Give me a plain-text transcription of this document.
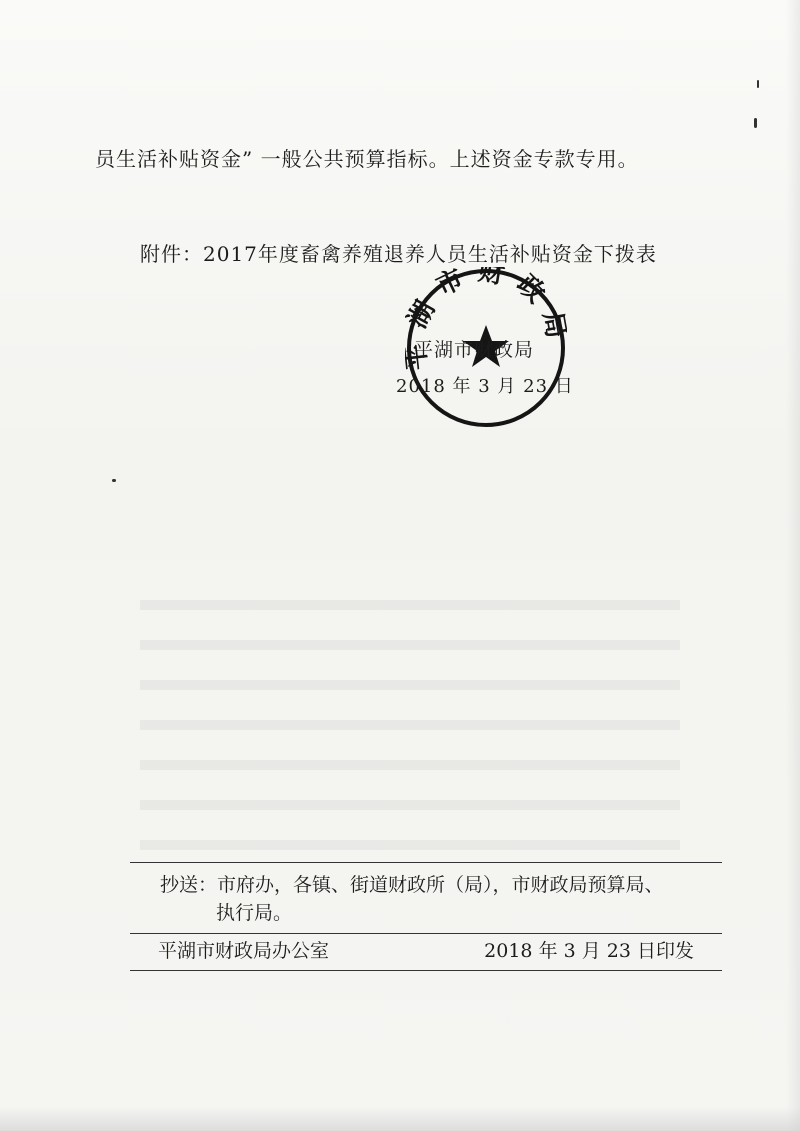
员生活补贴资金” 一般公共预算指标。上述资金专款专用。
附件：2017年度畜禽养殖退养人员生活补贴资金下拨表
湖市财政
平湖市财政局
2018 年 3 月 23 日
抄送：市府办，各镇、街道财政所（局），市财政局预算局、
执行局。
平湖市财政局办公室	2018 年 3 月 23 日印发
